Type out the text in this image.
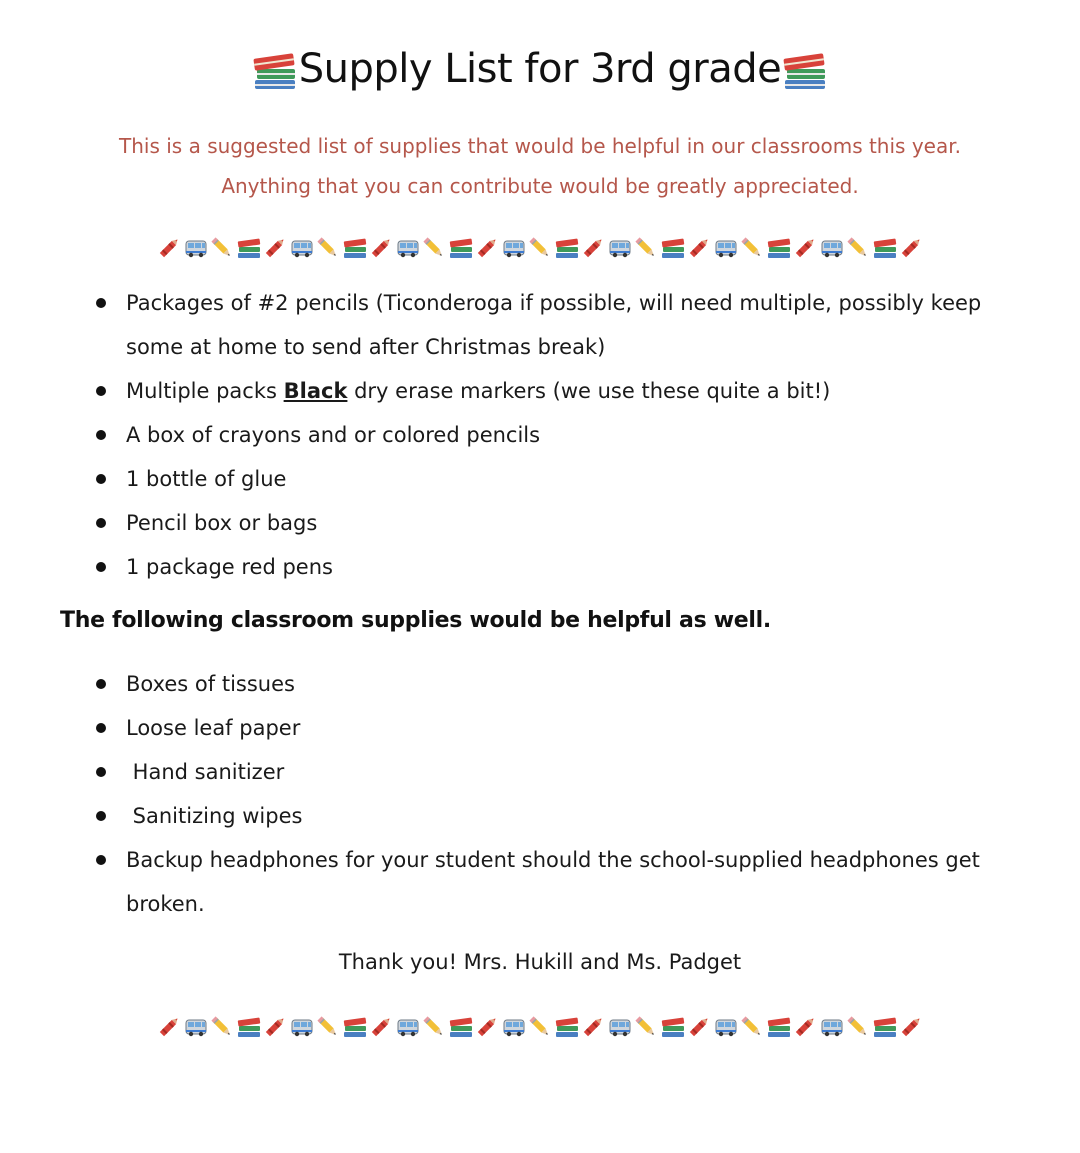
Supply List for 3rd grade

This is a suggested list of supplies that would be helpful in our classrooms this year.

Anything that you can contribute would be greatly appreciated.

Packages of #2 pencils (Ticonderoga if possible, will need multiple, possibly keep some at home to send after Christmas break)
Multiple packs Black dry erase markers (we use these quite a bit!)
A box of crayons and or colored pencils
1 bottle of glue
Pencil box or bags
1 package red pens
The following classroom supplies would be helpful as well.
Boxes of tissues
Loose leaf paper
Hand sanitizer
Sanitizing wipes
Backup headphones for your student should the school-supplied headphones get broken.
Thank you! Mrs. Hukill and Ms. Padget
